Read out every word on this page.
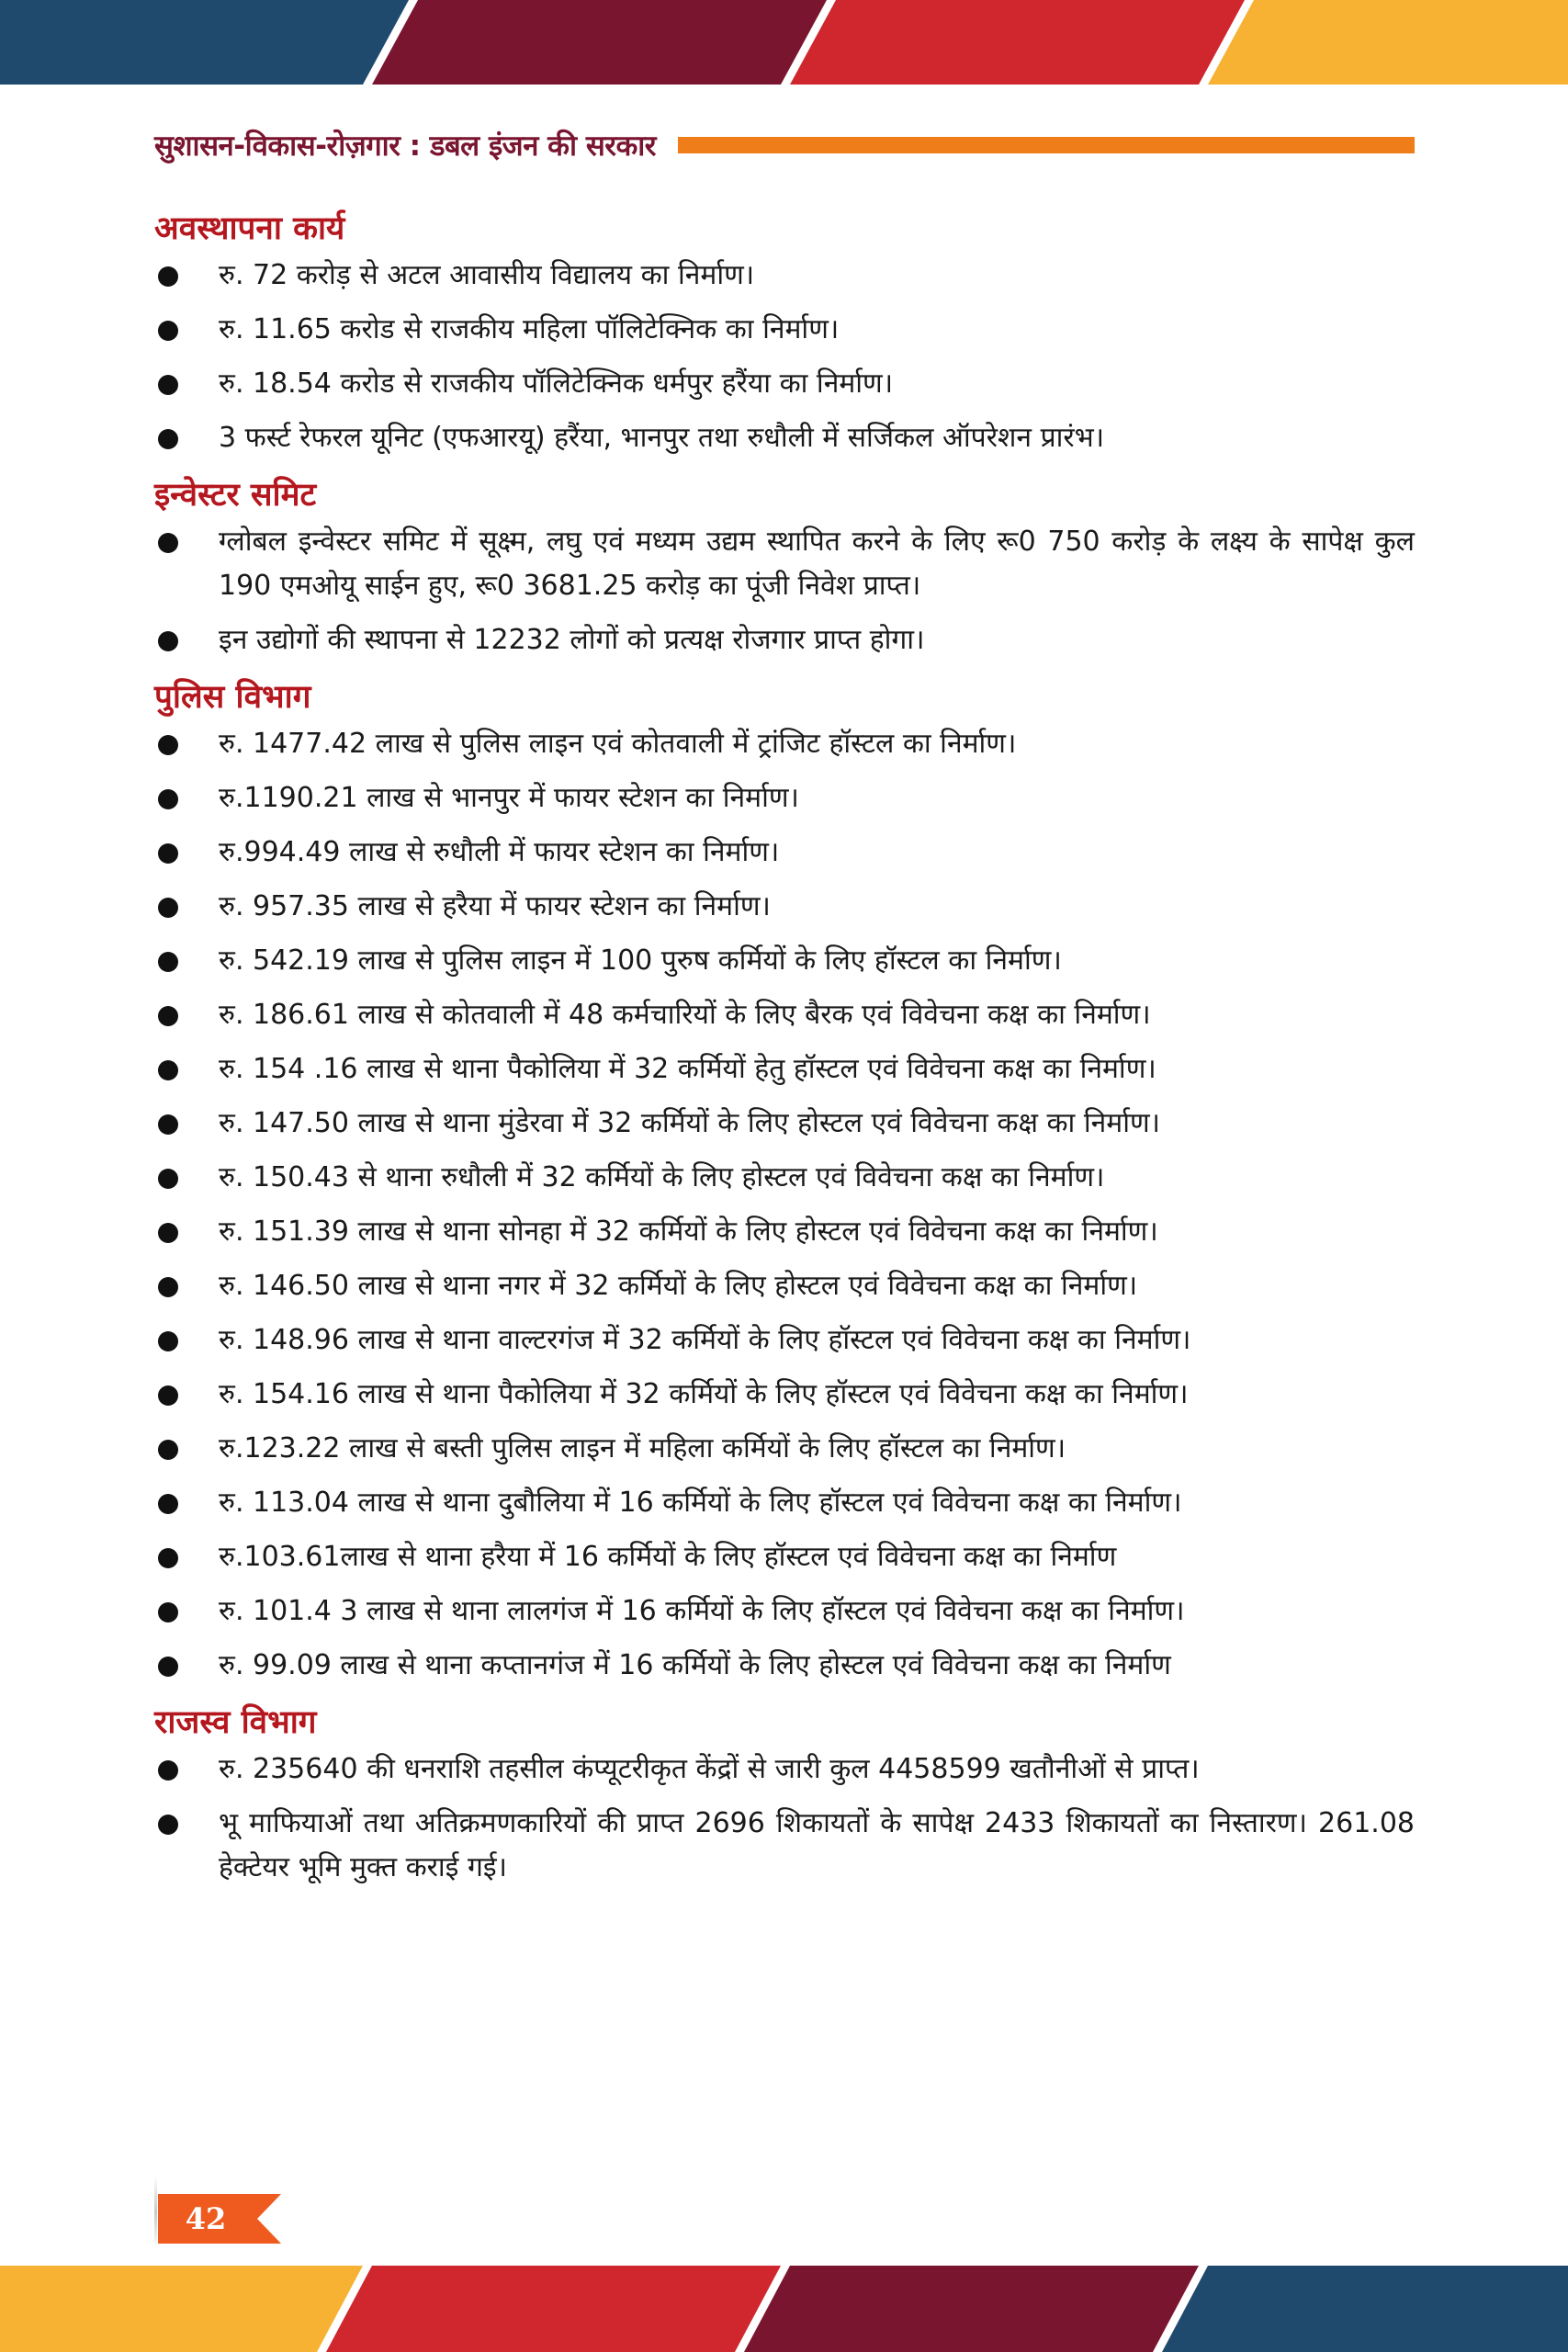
सुशासन-विकास-रोज़गार : डबल इंजन की सरकार
अवस्थापना कार्य
रु. 72 करोड़ से अटल आवासीय विद्यालय का निर्माण।
रु. 11.65 करोड से राजकीय महिला पॉलिटेक्निक का निर्माण।
रु. 18.54 करोड से राजकीय पॉलिटेक्निक धर्मपुर हरैंया का निर्माण।
3 फर्स्ट रेफरल यूनिट (एफआरयू) हरैंया, भानपुर तथा रुधौली में सर्जिकल ऑपरेशन प्रारंभ।
इन्वेस्टर समिट
ग्लोबल इन्वेस्टर समिट में सूक्ष्म, लघु एवं मध्यम उद्यम स्थापित करने के लिए रू0 750 करोड़ के लक्ष्य के सापेक्ष कुल 190 एमओयू साईन हुए, रू0 3681.25 करोड़ का पूंजी निवेश प्राप्त।
इन उद्योगों की स्थापना से 12232 लोगों को प्रत्यक्ष रोजगार प्राप्त होगा।
पुलिस विभाग
रु. 1477.42 लाख से पुलिस लाइन एवं कोतवाली में ट्रांजिट हॉस्टल का निर्माण।
रु.1190.21 लाख से भानपुर में फायर स्टेशन का निर्माण।
रु.994.49 लाख से रुधौली में फायर स्टेशन का निर्माण।
रु. 957.35 लाख से हरैया में फायर स्टेशन का निर्माण।
रु. 542.19 लाख से पुलिस लाइन में 100 पुरुष कर्मियों के लिए हॉस्टल का निर्माण।
रु. 186.61 लाख से कोतवाली में 48 कर्मचारियों के लिए बैरक एवं विवेचना कक्ष का निर्माण।
रु. 154 .16 लाख से थाना पैकोलिया में 32 कर्मियों हेतु हॉस्टल एवं विवेचना कक्ष का निर्माण।
रु. 147.50 लाख से थाना मुंडेरवा में 32 कर्मियों के लिए होस्टल एवं विवेचना कक्ष का निर्माण।
रु. 150.43 से थाना रुधौली में 32 कर्मियों के लिए होस्टल एवं विवेचना कक्ष का निर्माण।
रु. 151.39 लाख से थाना सोनहा में 32 कर्मियों के लिए होस्टल एवं विवेचना कक्ष का निर्माण।
रु. 146.50 लाख से थाना नगर में 32 कर्मियों के लिए होस्टल एवं विवेचना कक्ष का निर्माण।
रु. 148.96 लाख से थाना वाल्टरगंज में 32 कर्मियों के लिए हॉस्टल एवं विवेचना कक्ष का निर्माण।
रु. 154.16 लाख से थाना पैकोलिया में 32 कर्मियों के लिए हॉस्टल एवं विवेचना कक्ष का निर्माण।
रु.123.22 लाख से बस्ती पुलिस लाइन में महिला कर्मियों के लिए हॉस्टल का निर्माण।
रु. 113.04 लाख से थाना दुबौलिया में 16 कर्मियों के लिए हॉस्टल एवं विवेचना कक्ष का निर्माण।
रु.103.61लाख से थाना हरैया में 16 कर्मियों के लिए हॉस्टल एवं विवेचना कक्ष का निर्माण
रु. 101.4 3 लाख से थाना लालगंज में 16 कर्मियों के लिए हॉस्टल एवं विवेचना कक्ष का निर्माण।
रु. 99.09 लाख से थाना कप्तानगंज में 16 कर्मियों के लिए होस्टल एवं विवेचना कक्ष का निर्माण
राजस्व विभाग
रु. 235640 की धनराशि तहसील कंप्यूटरीकृत केंद्रों से जारी कुल 4458599 खतौनीओं से प्राप्त।
भू माफियाओं तथा अतिक्रमणकारियों की प्राप्त 2696 शिकायतों के सापेक्ष 2433 शिकायतों का निस्तारण। 261.08 हेक्टेयर भूमि मुक्त कराई गई।
42
